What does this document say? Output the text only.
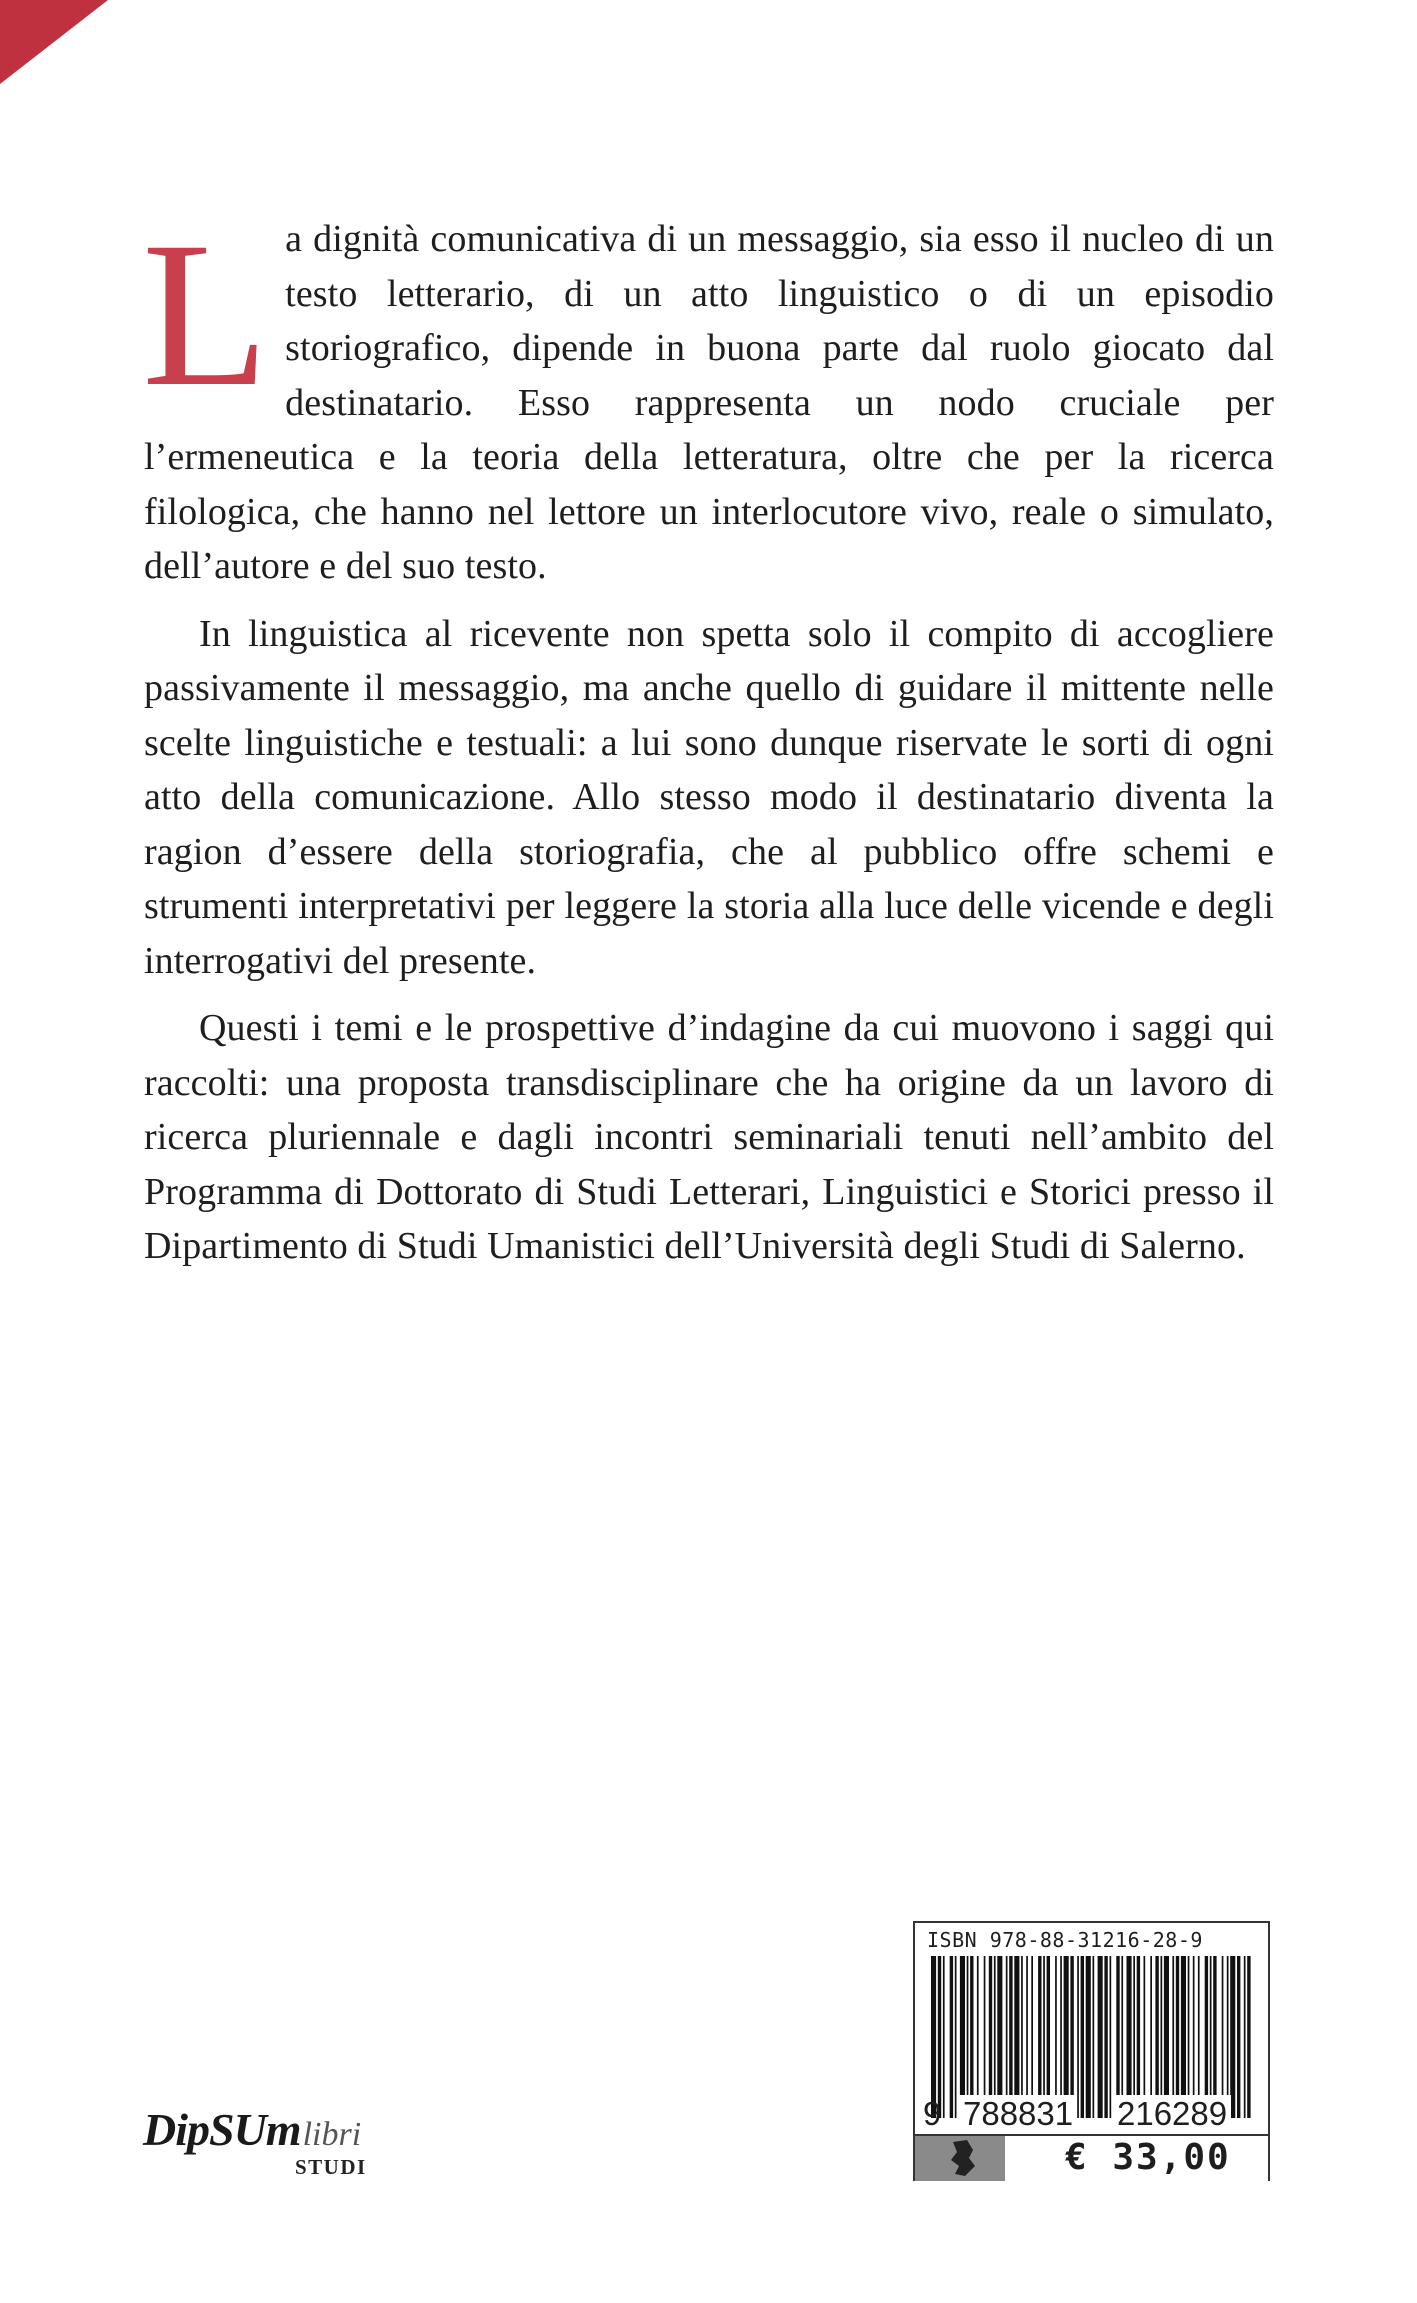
La dignità comunicativa di un messaggio, sia esso il nucleo di un testo letterario, di un atto linguistico o di un episodio storiografico, dipende in buona parte dal ruolo giocato dal destinatario. Esso rappresenta un nodo cruciale per l’ermeneutica e la teoria della letteratura, oltre che per la ricerca filologica, che hanno nel lettore un interlocutore vivo, reale o simulato, dell’autore e del suo testo.

In linguistica al ricevente non spetta solo il compito di accogliere passivamente il messaggio, ma anche quello di guidare il mittente nelle scelte linguistiche e testuali: a lui sono dunque riservate le sorti di ogni atto della comunicazione. Allo stesso modo il destinatario diventa la ragion d’essere della storiografia, che al pubblico offre schemi e strumenti interpretativi per leggere la storia alla luce delle vicende e degli interrogativi del presente.

Questi i temi e le prospettive d’indagine da cui muovono i saggi qui raccolti: una proposta transdisciplinare che ha origine da un lavoro di ricerca pluriennale e dagli incontri seminariali tenuti nell’ambito del Programma di Dottorato di Studi Letterari, Linguistici e Storici presso il Dipartimento di Studi Umanistici dell’Università degli Studi di Salerno.

DipSUmlibri
STUDI
ISBN 978-88-31216-28-9
9 788831 216289
€ 33,00
